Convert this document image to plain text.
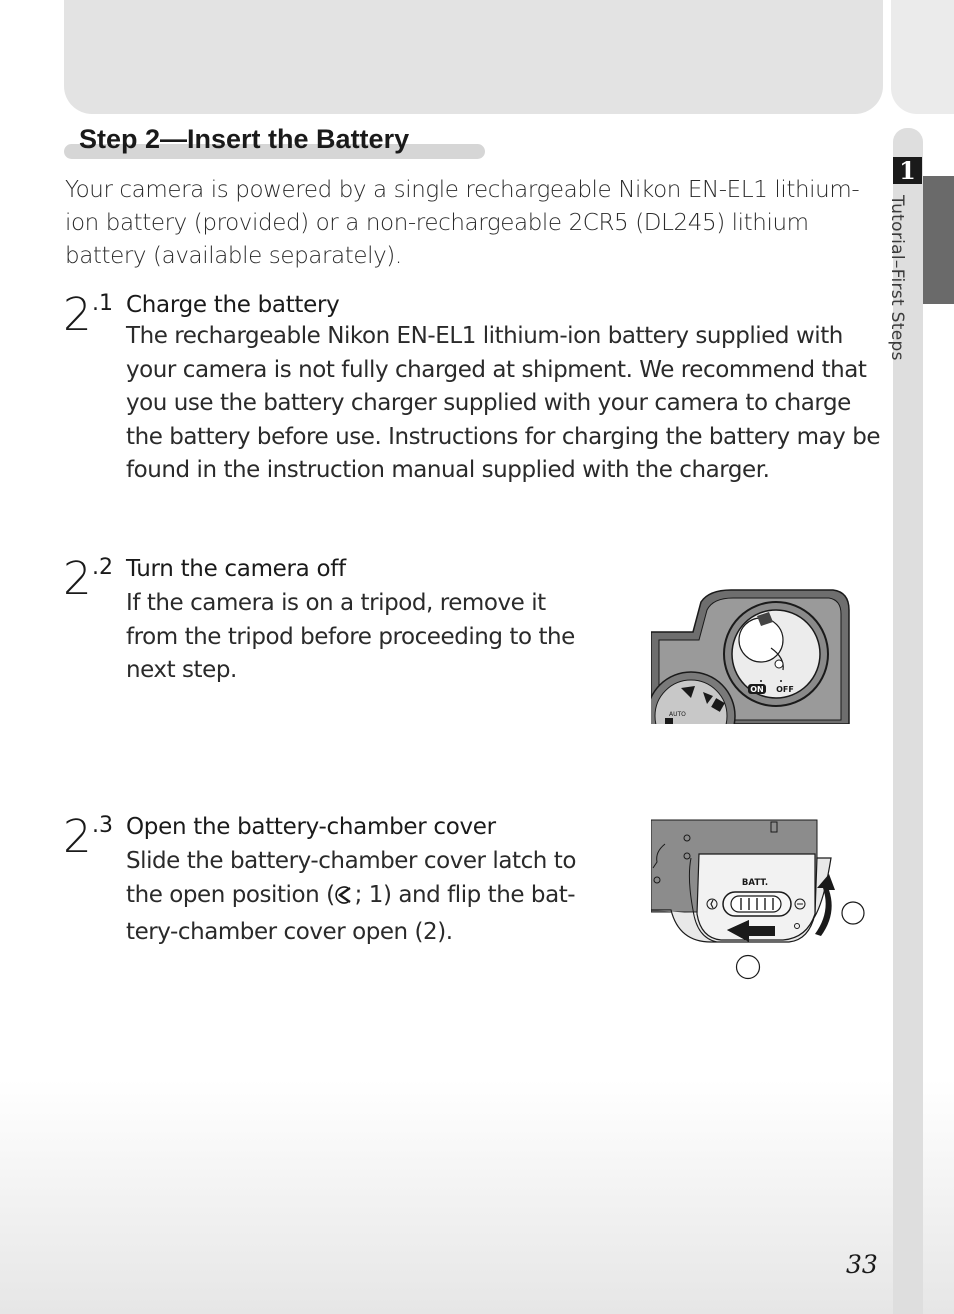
1
Tutorial–First Steps
Step 2—Insert the Battery
Your camera is powered by a single rechargeable Nikon EN-EL1 lithium-ion battery (provided) or a non-rechargeable 2CR5 (DL245) lithium battery (available separately).
2 .1 Charge the battery
The rechargeable Nikon EN-EL1 lithium-ion battery supplied with your camera is not fully charged at shipment. We recommend that you use the battery charger supplied with your camera to charge the battery before use. Instructions for charging the battery may be found in the instruction manual supplied with the charger.
2 .2 Turn the camera off
If the camera is on a tripod, remove it from the tripod before proceeding to the next step.
2 .3 Open the battery-chamber cover
Slide the battery-chamber cover latch to the open position ( ; 1) and flip the bat-tery-chamber cover open (2).
ON OFF
AUTO
BATT.
33
